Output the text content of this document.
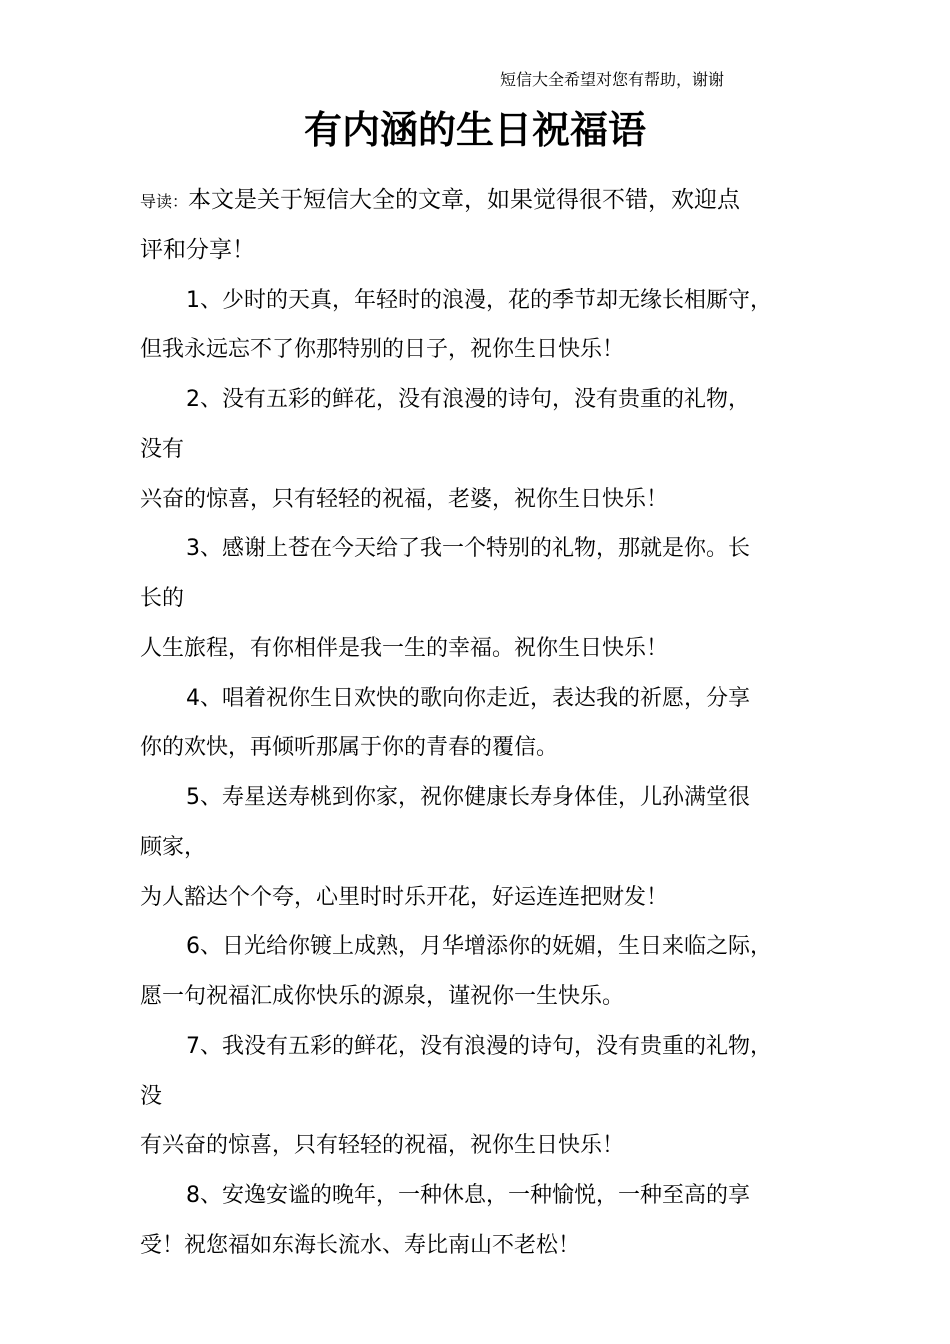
短信大全希望对您有帮助，谢谢
有内涵的生日祝福语
导读：本文是关于短信大全的文章，如果觉得很不错，欢迎点
评和分享！
1、少时的天真，年轻时的浪漫，花的季节却无缘长相厮守，
但我永远忘不了你那特别的日子，祝你生日快乐！
2、没有五彩的鲜花，没有浪漫的诗句，没有贵重的礼物，
没有
兴奋的惊喜，只有轻轻的祝福，老婆，祝你生日快乐！
3、感谢上苍在今天给了我一个特别的礼物，那就是你。长
长的
人生旅程，有你相伴是我一生的幸福。祝你生日快乐！
4、唱着祝你生日欢快的歌向你走近，表达我的祈愿，分享
你的欢快，再倾听那属于你的青春的覆信。
5、寿星送寿桃到你家，祝你健康长寿身体佳，儿孙满堂很
顾家，
为人豁达个个夸，心里时时乐开花，好运连连把财发！
6、日光给你镀上成熟，月华增添你的妩媚，生日来临之际，
愿一句祝福汇成你快乐的源泉，谨祝你一生快乐。
7、我没有五彩的鲜花，没有浪漫的诗句，没有贵重的礼物，
没
有兴奋的惊喜，只有轻轻的祝福，祝你生日快乐！
8、安逸安谧的晚年，一种休息，一种愉悦，一种至高的享
受！祝您福如东海长流水、寿比南山不老松！
